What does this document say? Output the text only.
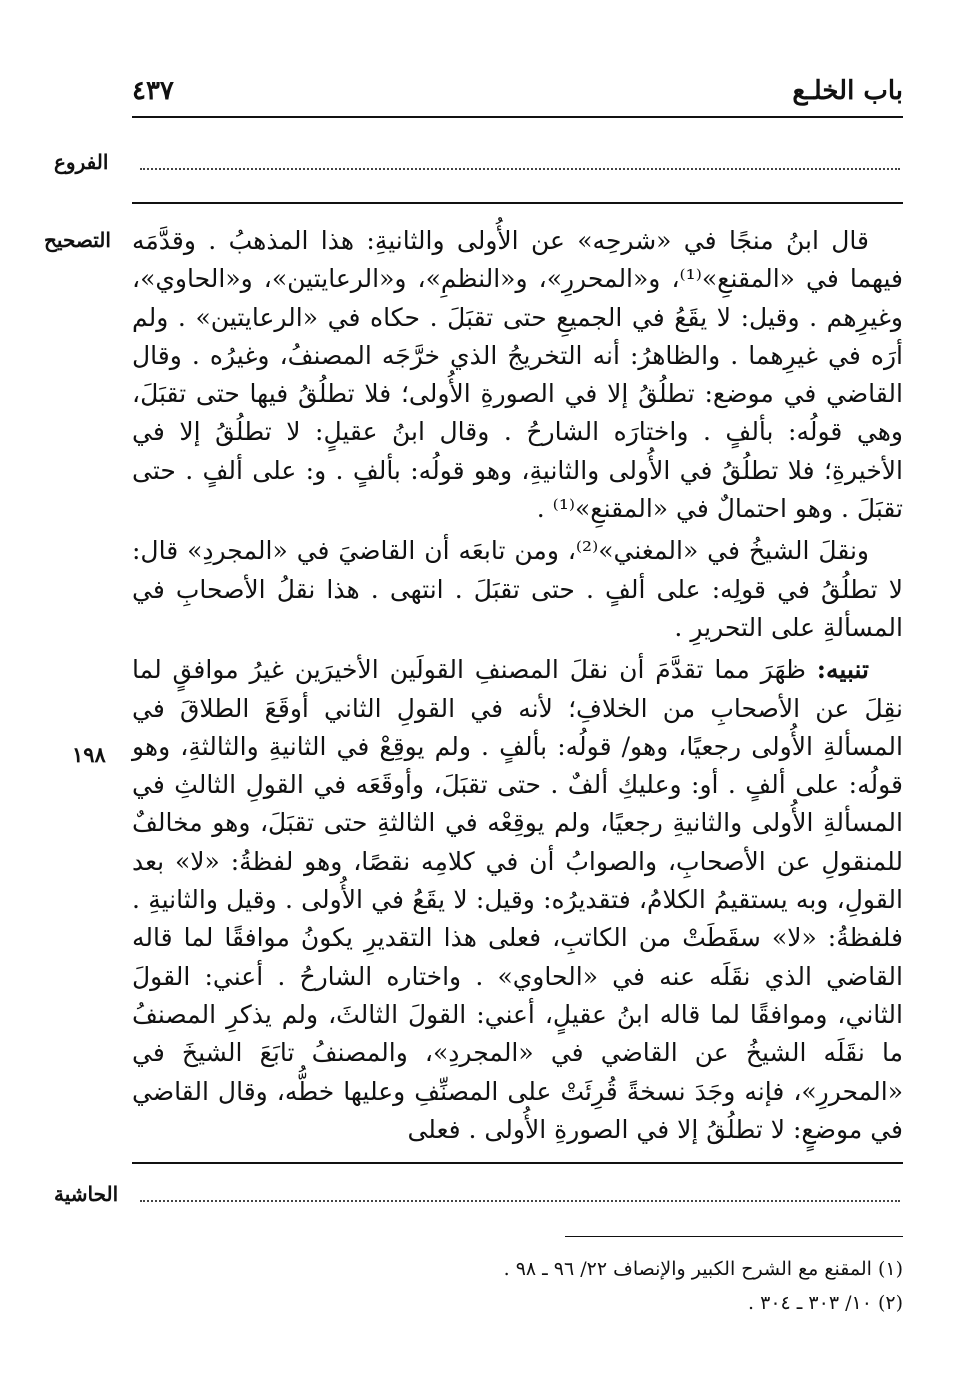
باب الخلـع
٤٣٧
الفروع
التصحيح
١٩٨

قال ابنُ منجًا في «شرحِه» عن الأُولى والثانيةِ: هذا المذهبُ . وقدَّمَه فيهما في «المقنعِ»⁽¹⁾، و«المحررِ»، و«النظمِ»، و«الرعايتين»، و«الحاوي»، وغيرِهم . وقيل: لا يقَعُ في الجميعِ حتى تقبَلَ . حكاه في «الرعايتين» . ولم أرَه في غيرِهما . والظاهرُ: أنه التخريجُ الذي خرَّجَه المصنفُ، وغيرُه . وقال القاضي في موضع: تطلُقُ إلا في الصورةِ الأُولى؛ فلا تطلُقُ فيها حتى تقبَلَ، وهي قولُه: بألفٍ . واختارَه الشارحُ . وقال ابنُ عقيلٍ: لا تطلُقُ إلا في الأخيرةِ؛ فلا تطلُقُ في الأُولى والثانيةِ، وهو قولُه: بألفٍ . و: على ألفٍ . حتى تقبَلَ . وهو احتمالٌ في «المقنعِ»⁽¹⁾ .

ونقلَ الشيخُ في «المغني»⁽²⁾، ومن تابعَه أن القاضيَ في «المجردِ» قال: لا تطلُقُ في قولِه: على ألفٍ . حتى تقبَلَ . انتهى . هذا نقلُ الأصحابِ في المسألةِ على التحريرِ .

تنبيه: ظهَرَ مما تقدَّمَ أن نقلَ المصنفِ القولَين الأخيرَين غيرُ موافقٍ لما نقِلَ عن الأصحابِ من الخلافِ؛ لأنه في القولِ الثاني أوقَعَ الطلاقَ في المسألةِ الأُولى رجعيًا، وهو/ قولُه: بألفٍ . ولم يوقِعْ في الثانيةِ والثالثةِ، وهو قولُه: على ألفٍ . أو: وعليكِ ألفٌ . حتى تقبَلَ، وأوقَعَه في القولِ الثالثِ في المسألةِ الأُولى والثانيةِ رجعيًا، ولم يوقِعْه في الثالثةِ حتى تقبَلَ، وهو مخالفٌ للمنقولِ عن الأصحابِ، والصوابُ أن في كلامِه نقصًا، وهو لفظةُ: «لا» بعد القولِ، وبه يستقيمُ الكلامُ، فتقديرُه: وقيل: لا يقَعُ في الأُولى . وقيل والثانيةِ . فلفظةُ: «لا» سقَطَتْ من الكاتبِ، فعلى هذا التقديرِ يكونُ موافقًا لما قاله القاضي الذي نقَلَه عنه في «الحاوي» . واختاره الشارحُ . أعني: القولَ الثاني، وموافقًا لما قاله ابنُ عقيلٍ، أعني: القولَ الثالثَ، ولم يذكرِ المصنفُ ما نقَلَه الشيخُ عن القاضي في «المجردِ»، والمصنفُ تابَعَ الشيخَ في «المحررِ»، فإنه وجَدَ نسخةً قُرِئَتْ على المصنِّفِ وعليها خطُّه، وقال القاضي في موضعٍ: لا تطلُقُ إلا في الصورةِ الأُولى . فعلى

الحاشية
(١) المقنع مع الشرح الكبير والإنصاف ٢٢/ ٩٦ ـ ٩٨ .
(٢) ١٠/ ٣٠٣ ـ ٣٠٤ .
